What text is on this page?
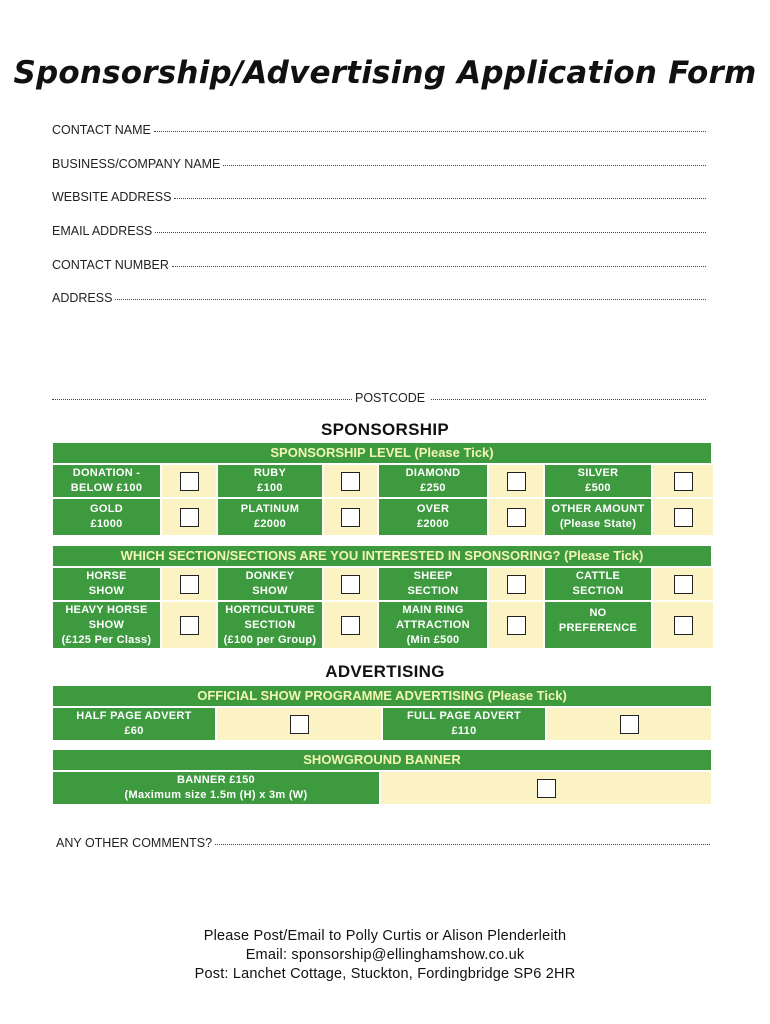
Sponsorship/Advertising Application Form
CONTACT NAME
BUSINESS/COMPANY NAME
WEBSITE ADDRESS
EMAIL ADDRESS
CONTACT NUMBER
ADDRESS
POSTCODE
SPONSORSHIP
SPONSORSHIP LEVEL (Please Tick)
DONATION -
BELOW £100
RUBY
£100
DIAMOND
£250
SILVER
£500
GOLD
£1000
PLATINUM
£2000
OVER
£2000
OTHER AMOUNT
(Please State)
WHICH SECTION/SECTIONS ARE YOU INTERESTED IN SPONSORING? (Please Tick)
HORSE
SHOW
DONKEY
SHOW
SHEEP
SECTION
CATTLE
SECTION
HEAVY HORSE
SHOW
(£125 Per Class)
HORTICULTURE
SECTION
(£100 per Group)
MAIN RING
ATTRACTION
(Min £500
NO
PREFERENCE
ADVERTISING
OFFICIAL SHOW PROGRAMME ADVERTISING (Please Tick)
HALF PAGE ADVERT
£60
FULL PAGE ADVERT
£110
SHOWGROUND BANNER
BANNER £150
(Maximum size 1.5m (H) x 3m (W)
ANY OTHER COMMENTS?
Please Post/Email to Polly Curtis or Alison Plenderleith
Email: sponsorship@ellinghamshow.co.uk
Post: Lanchet Cottage, Stuckton, Fordingbridge SP6 2HR
